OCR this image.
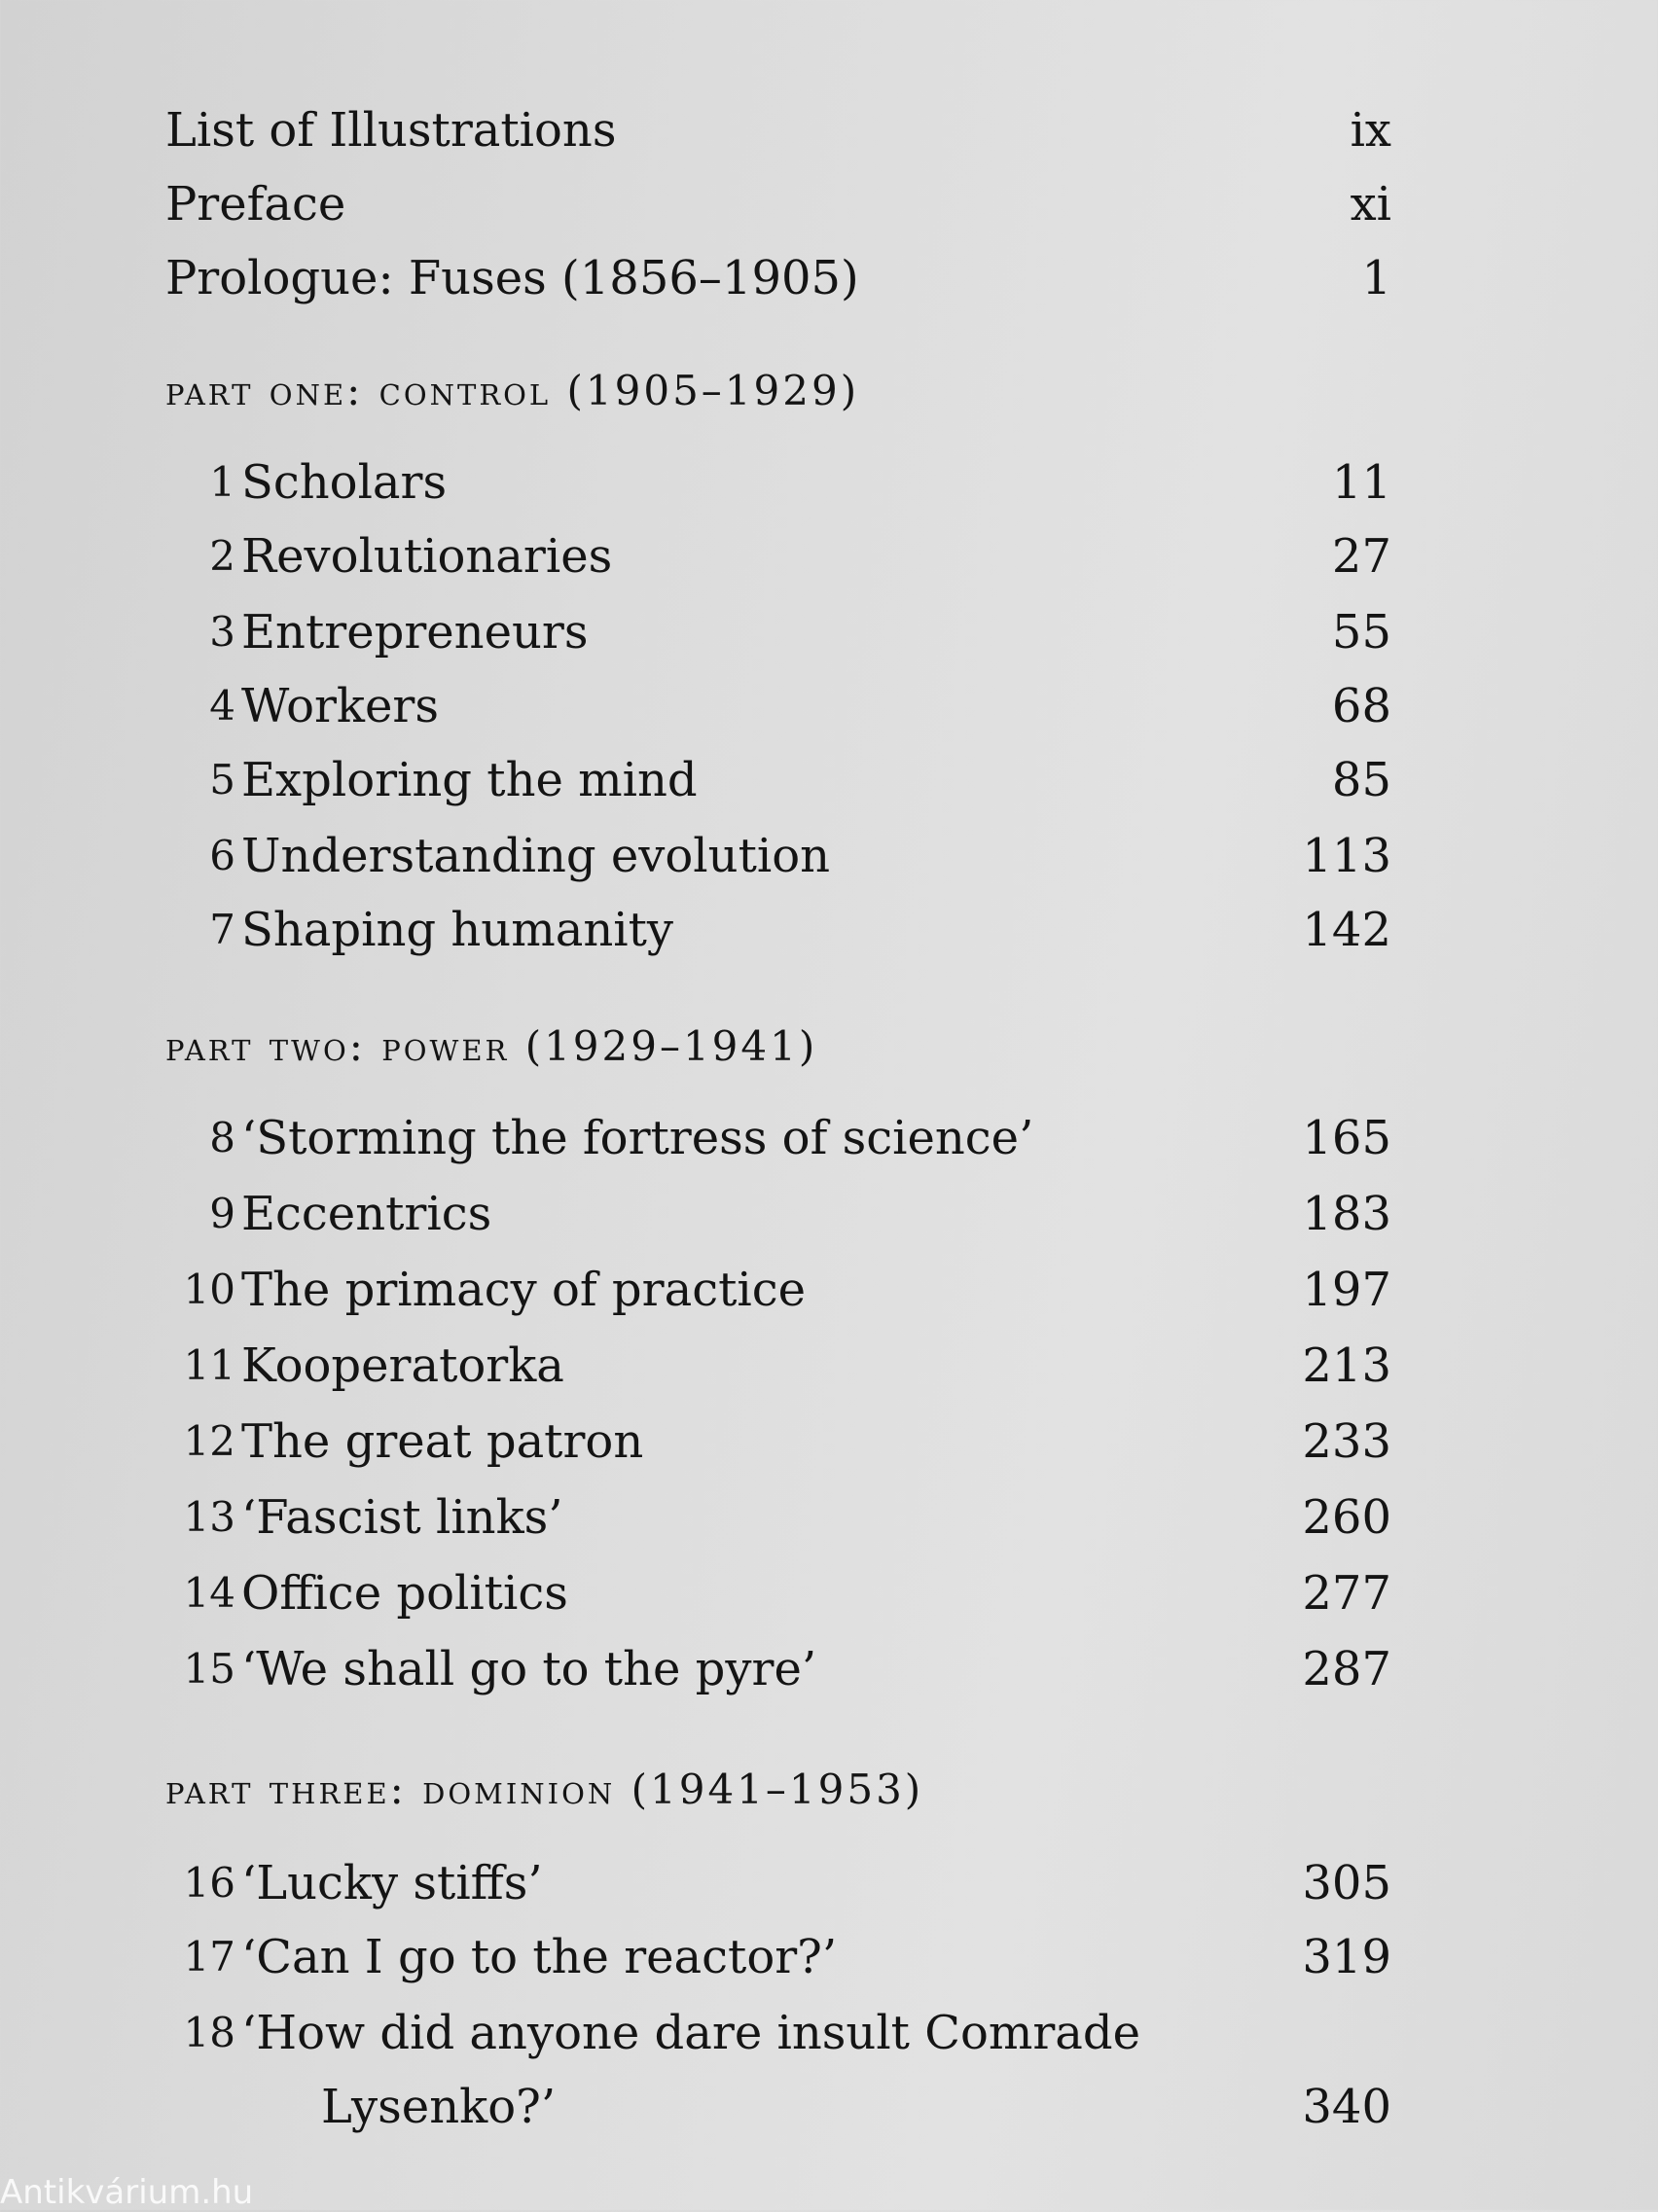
List of Illustrations	ix
Preface	xi
Prologue: Fuses (1856–1905)	1
part one: control (1905–1929)
1 Scholars	11
2 Revolutionaries	27
3 Entrepreneurs	55
4 Workers	68
5 Exploring the mind	85
6 Understanding evolution	113
7 Shaping humanity	142
part two: power (1929–1941)
8 ‘Storming the fortress of science’	165
9 Eccentrics	183
10 The primacy of practice	197
11 Kooperatorka	213
12 The great patron	233
13 ‘Fascist links’	260
14 Office politics	277
15 ‘We shall go to the pyre’	287
part three: dominion (1941–1953)
16 ‘Lucky stiffs’	305
17 ‘Can I go to the reactor?’	319
18 ‘How did anyone dare insult Comrade
Lysenko?’	340
Antikvárium.hu
